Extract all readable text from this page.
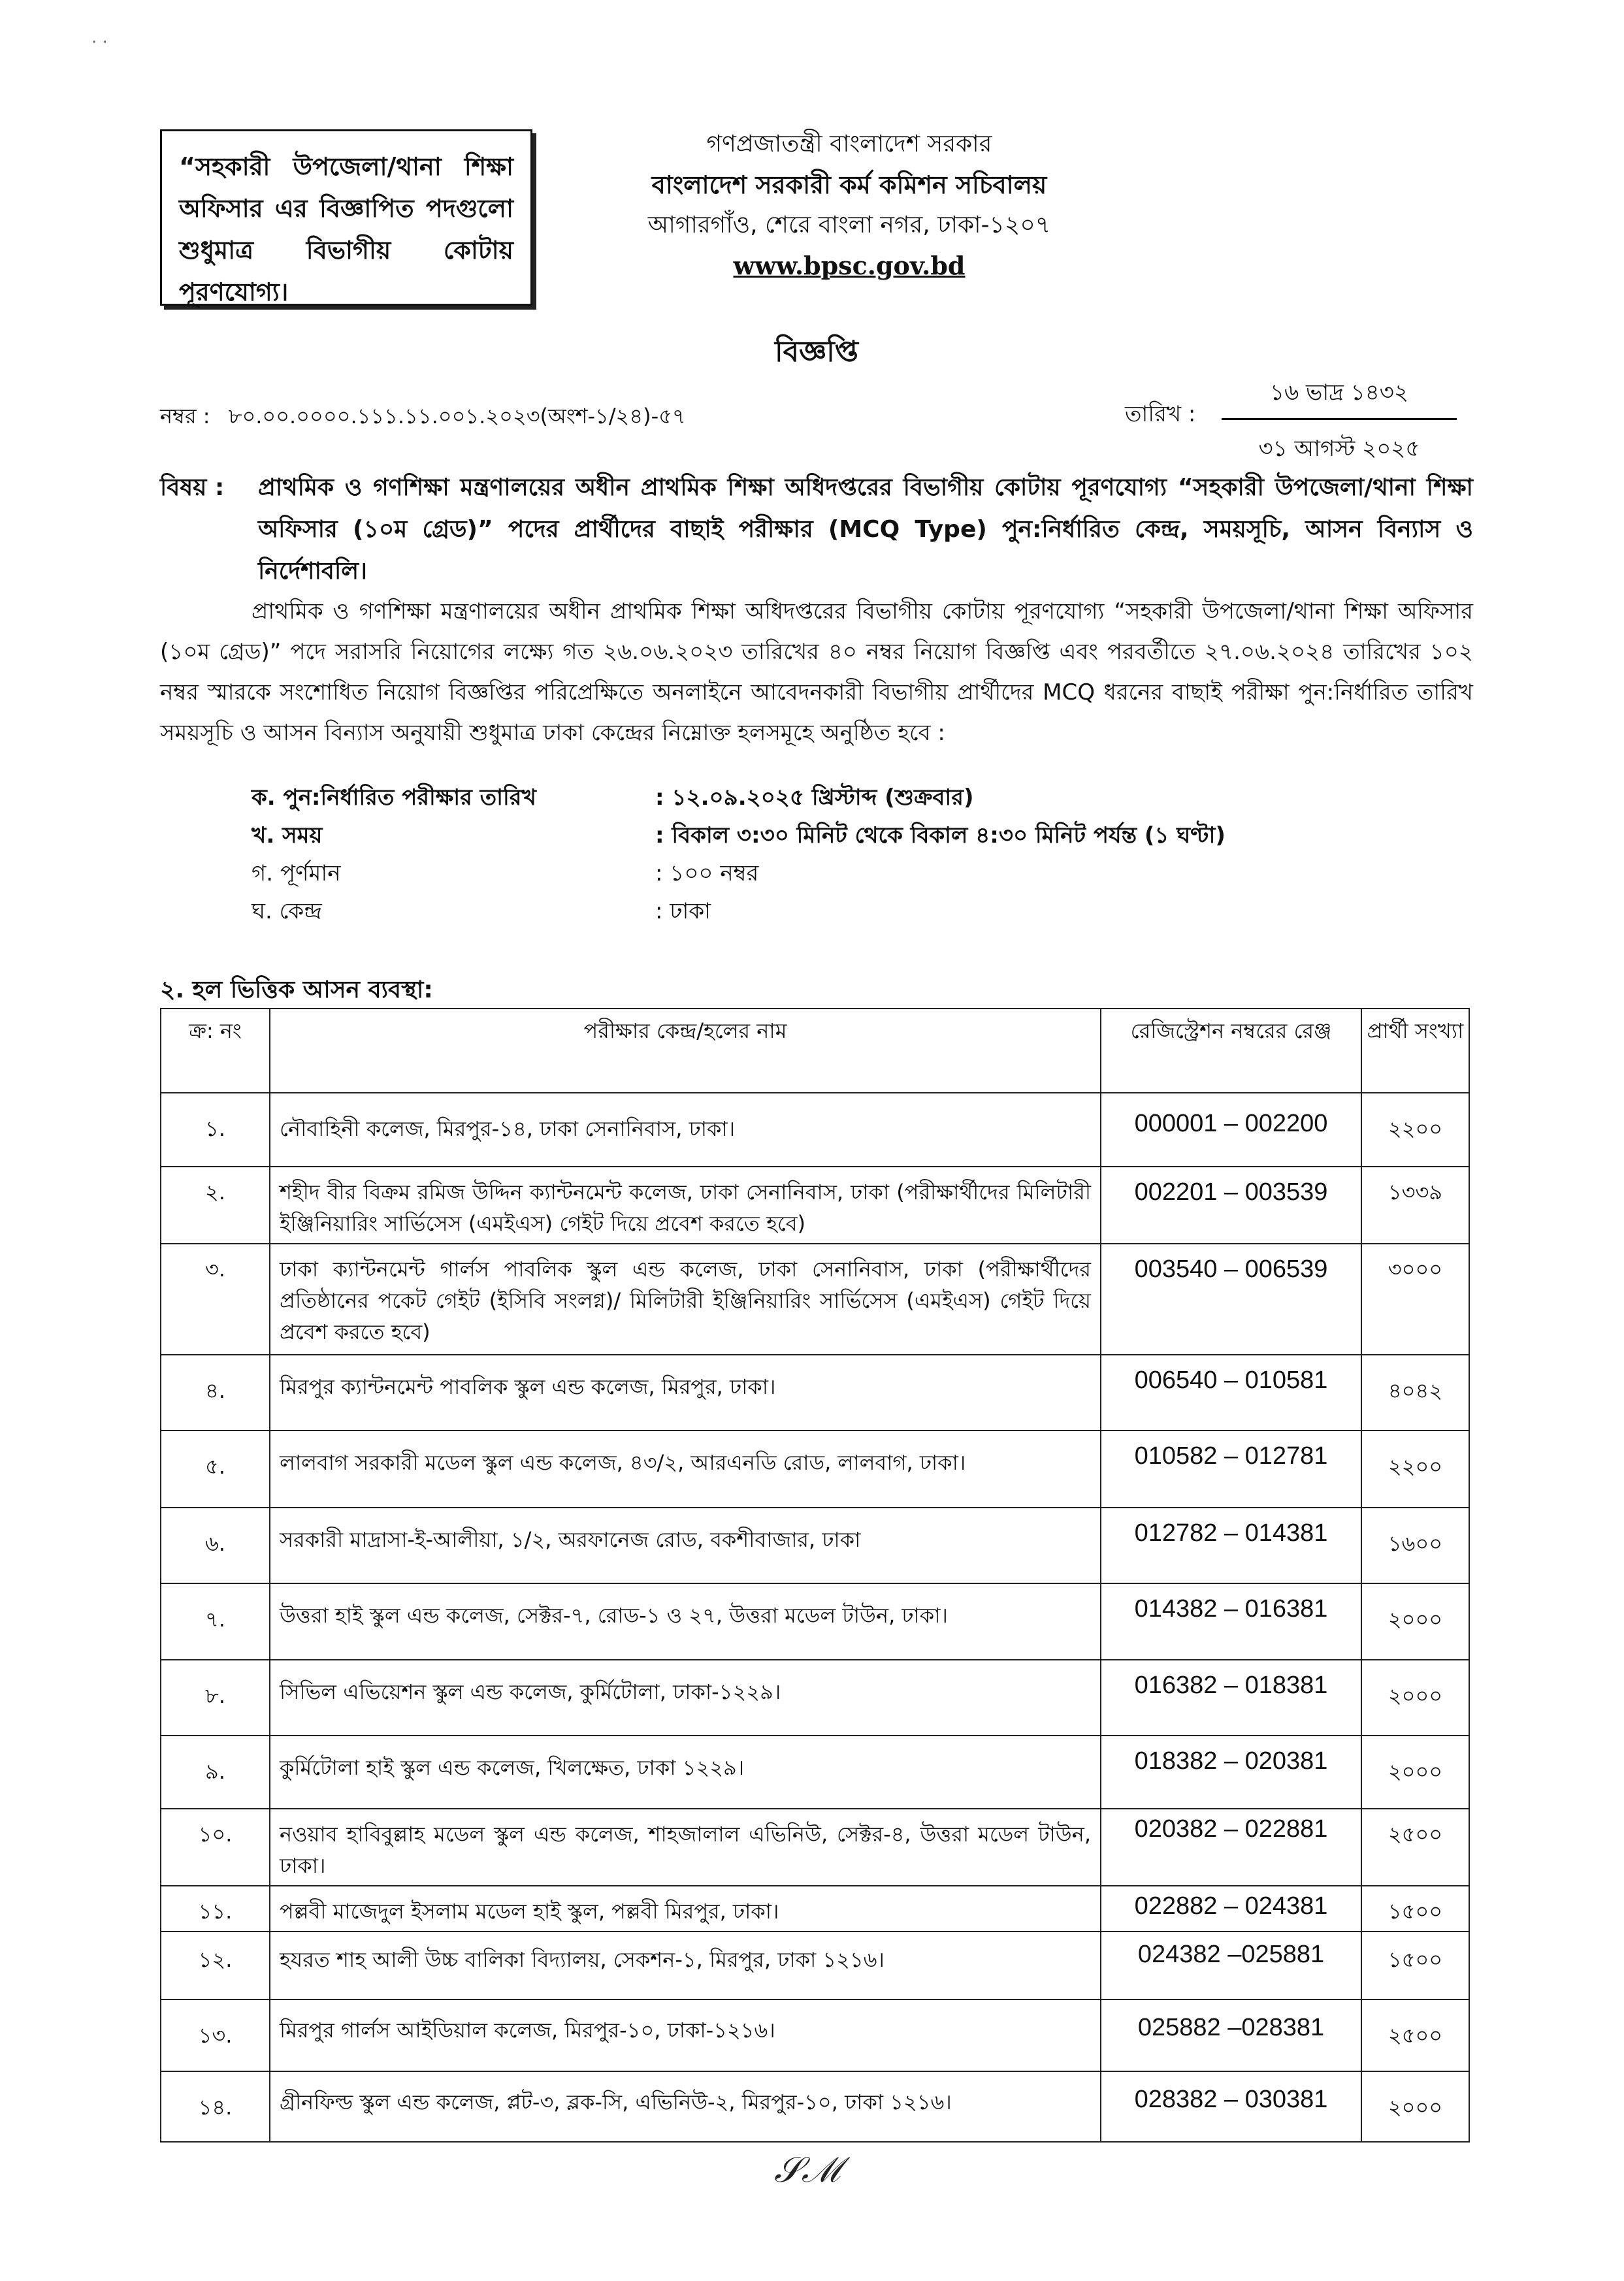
· ·
“সহকারী উপজেলা/থানা শিক্ষা অফিসার এর বিজ্ঞাপিত পদগুলো শুধুমাত্র বিভাগীয় কোটায় পূরণযোগ্য।
গণপ্রজাতন্ত্রী বাংলাদেশ সরকার
বাংলাদেশ সরকারী কর্ম কমিশন সচিবালয়
আগারগাঁও, শেরে বাংলা নগর, ঢাকা-১২০৭
www.bpsc.gov.bd
বিজ্ঞপ্তি
নম্বর : ৮০.০০.০০০০.১১১.১১.০০১.২০২৩(অংশ-১/২৪)-৫৭	তারিখ :
১৬ ভাদ্র ১৪৩২
৩১ আগস্ট ২০২৫
বিষয় : প্রাথমিক ও গণশিক্ষা মন্ত্রণালয়ের অধীন প্রাথমিক শিক্ষা অধিদপ্তরের বিভাগীয় কোটায় পূরণযোগ্য “সহকারী উপজেলা/থানা শিক্ষা অফিসার (১০ম গ্রেড)” পদের প্রার্থীদের বাছাই পরীক্ষার (MCQ Type) পুন:নির্ধারিত কেন্দ্র, সময়সূচি, আসন বিন্যাস ও নির্দেশাবলি।
প্রাথমিক ও গণশিক্ষা মন্ত্রণালয়ের অধীন প্রাথমিক শিক্ষা অধিদপ্তরের বিভাগীয় কোটায় পূরণযোগ্য “সহকারী উপজেলা/থানা শিক্ষা অফিসার (১০ম গ্রেড)” পদে সরাসরি নিয়োগের লক্ষ্যে গত ২৬.০৬.২০২৩ তারিখের ৪০ নম্বর নিয়োগ বিজ্ঞপ্তি এবং পরবর্তীতে ২৭.০৬.২০২৪ তারিখের ১০২ নম্বর স্মারকে সংশোধিত নিয়োগ বিজ্ঞপ্তির পরিপ্রেক্ষিতে অনলাইনে আবেদনকারী বিভাগীয় প্রার্থীদের MCQ ধরনের বাছাই পরীক্ষা পুন:নির্ধারিত তারিখ সময়সূচি ও আসন বিন্যাস অনুযায়ী শুধুমাত্র ঢাকা কেন্দ্রের নিম্নোক্ত হলসমূহে অনুষ্ঠিত হবে :
ক. পুন:নির্ধারিত পরীক্ষার তারিখ	: ১২.০৯.২০২৫ খ্রিস্টাব্দ (শুক্রবার)
খ. সময়	: বিকাল ৩:৩০ মিনিট থেকে বিকাল ৪:৩০ মিনিট পর্যন্ত (১ ঘণ্টা)
গ. পূর্ণমান	: ১০০ নম্বর
ঘ. কেন্দ্র	: ঢাকা
২. হল ভিত্তিক আসন ব্যবস্থা:
ক্র: নং	পরীক্ষার কেন্দ্র/হলের নাম	রেজিস্ট্রেশন নম্বরের রেঞ্জ	প্রার্থী সংখ্যা
১.	নৌবাহিনী কলেজ, মিরপুর-১৪, ঢাকা সেনানিবাস, ঢাকা।	000001 – 002200	২২০০
২.	শহীদ বীর বিক্রম রমিজ উদ্দিন ক্যান্টনমেন্ট কলেজ, ঢাকা সেনানিবাস, ঢাকা (পরীক্ষার্থীদের মিলিটারী ইঞ্জিনিয়ারিং সার্ভিসেস (এমইএস) গেইট দিয়ে প্রবেশ করতে হবে)	002201 – 003539	১৩৩৯
৩.	ঢাকা ক্যান্টনমেন্ট গার্লস পাবলিক স্কুল এন্ড কলেজ, ঢাকা সেনানিবাস, ঢাকা (পরীক্ষার্থীদের প্রতিষ্ঠানের পকেট গেইট (ইসিবি সংলগ্ন)/ মিলিটারী ইঞ্জিনিয়ারিং সার্ভিসেস (এমইএস) গেইট দিয়ে প্রবেশ করতে হবে)	003540 – 006539	৩০০০
৪.	মিরপুর ক্যান্টনমেন্ট পাবলিক স্কুল এন্ড কলেজ, মিরপুর, ঢাকা।	006540 – 010581	৪০৪২
৫.	লালবাগ সরকারী মডেল স্কুল এন্ড কলেজ, ৪৩/২, আরএনডি রোড, লালবাগ, ঢাকা।	010582 – 012781	২২০০
৬.	সরকারী মাদ্রাসা-ই-আলীয়া, ১/২, অরফানেজ রোড, বকশীবাজার, ঢাকা	012782 – 014381	১৬০০
৭.	উত্তরা হাই স্কুল এন্ড কলেজ, সেক্টর-৭, রোড-১ ও ২৭, উত্তরা মডেল টাউন, ঢাকা।	014382 – 016381	২০০০
৮.	সিভিল এভিয়েশন স্কুল এন্ড কলেজ, কুর্মিটোলা, ঢাকা-১২২৯।	016382 – 018381	২০০০
৯.	কুর্মিটোলা হাই স্কুল এন্ড কলেজ, খিলক্ষেত, ঢাকা ১২২৯।	018382 – 020381	২০০০
১০.	নওয়াব হাবিবুল্লাহ মডেল স্কুল এন্ড কলেজ, শাহজালাল এভিনিউ, সেক্টর-৪, উত্তরা মডেল টাউন, ঢাকা।	020382 – 022881	২৫০০
১১.	পল্লবী মাজেদুল ইসলাম মডেল হাই স্কুল, পল্লবী মিরপুর, ঢাকা।	022882 – 024381	১৫০০
১২.	হযরত শাহ আলী উচ্চ বালিকা বিদ্যালয়, সেকশন-১, মিরপুর, ঢাকা ১২১৬।	024382 –025881	১৫০০
১৩.	মিরপুর গার্লস আইডিয়াল কলেজ, মিরপুর-১০, ঢাকা-১২১৬।	025882 –028381	২৫০০
১৪.	গ্রীনফিল্ড স্কুল এন্ড কলেজ, প্লট-৩, ব্লক-সি, এভিনিউ-২, মিরপুর-১০, ঢাকা ১২১৬।	028382 – 030381	২০০০
𝒮ℳ
